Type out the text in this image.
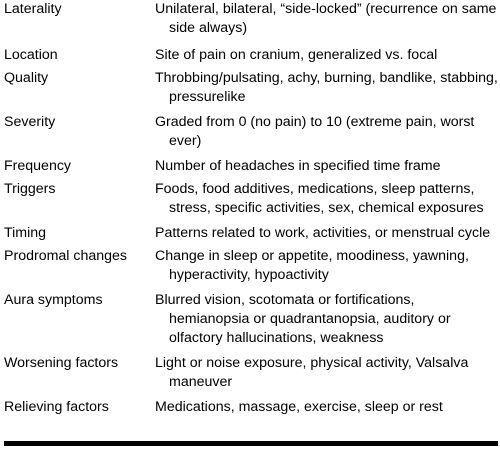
Laterality	Unilateral, bilateral, “side-locked” (recurrence on same side always)
Location	Site of pain on cranium, generalized vs. focal
Quality	Throbbing/pulsating, achy, burning, bandlike, stabbing, pressurelike
Severity	Graded from 0 (no pain) to 10 (extreme pain, worst ever)
Frequency	Number of headaches in specified time frame
Triggers	Foods, food additives, medications, sleep patterns, stress, specific activities, sex, chemical exposures
Timing	Patterns related to work, activities, or menstrual cycle
Prodromal changes	Change in sleep or appetite, moodiness, yawning, hyperactivity, hypoactivity
Aura symptoms	Blurred vision, scotomata or fortifications, hemianopsia or quadrantanopsia, auditory or olfactory hallucinations, weakness
Worsening factors	Light or noise exposure, physical activity, Valsalva maneuver
Relieving factors	Medications, massage, exercise, sleep or rest
